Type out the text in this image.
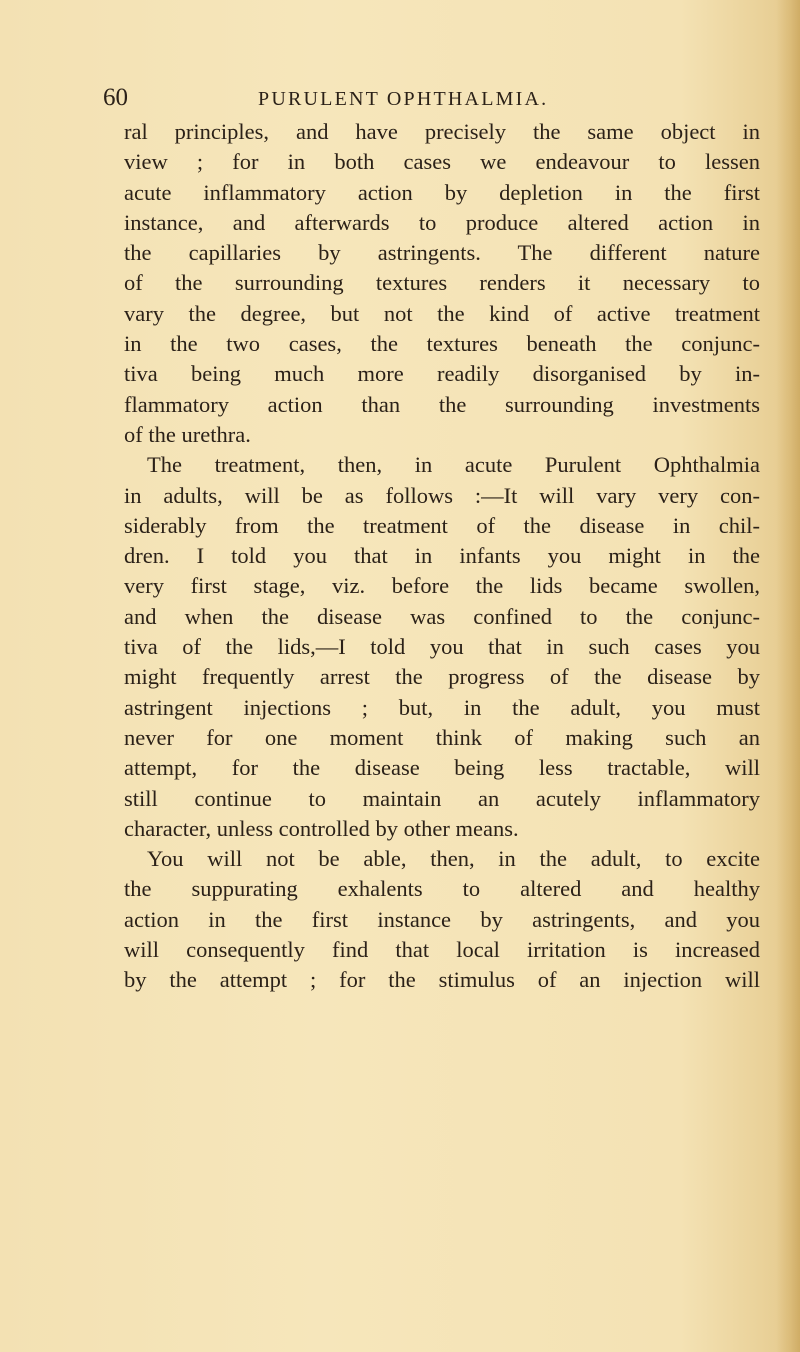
60	PURULENT OPHTHALMIA.
ral principles, and have precisely the same object in
view ; for in both cases we endeavour to lessen
acute inflammatory action by depletion in the first
instance, and afterwards to produce altered action in
the capillaries by astringents. The different nature
of the surrounding textures renders it necessary to
vary the degree, but not the kind of active treatment
in the two cases, the textures beneath the conjunc-
tiva being much more readily disorganised by in-
flammatory action than the surrounding investments
of the urethra.
The treatment, then, in acute Purulent Ophthalmia
in adults, will be as follows :—It will vary very con-
siderably from the treatment of the disease in chil-
dren. I told you that in infants you might in the
very first stage, viz. before the lids became swollen,
and when the disease was confined to the conjunc-
tiva of the lids,—I told you that in such cases you
might frequently arrest the progress of the disease by
astringent injections ; but, in the adult, you must
never for one moment think of making such an
attempt, for the disease being less tractable, will
still continue to maintain an acutely inflammatory
character, unless controlled by other means.
You will not be able, then, in the adult, to excite
the suppurating exhalents to altered and healthy
action in the first instance by astringents, and you
will consequently find that local irritation is increased
by the attempt ; for the stimulus of an injection will
